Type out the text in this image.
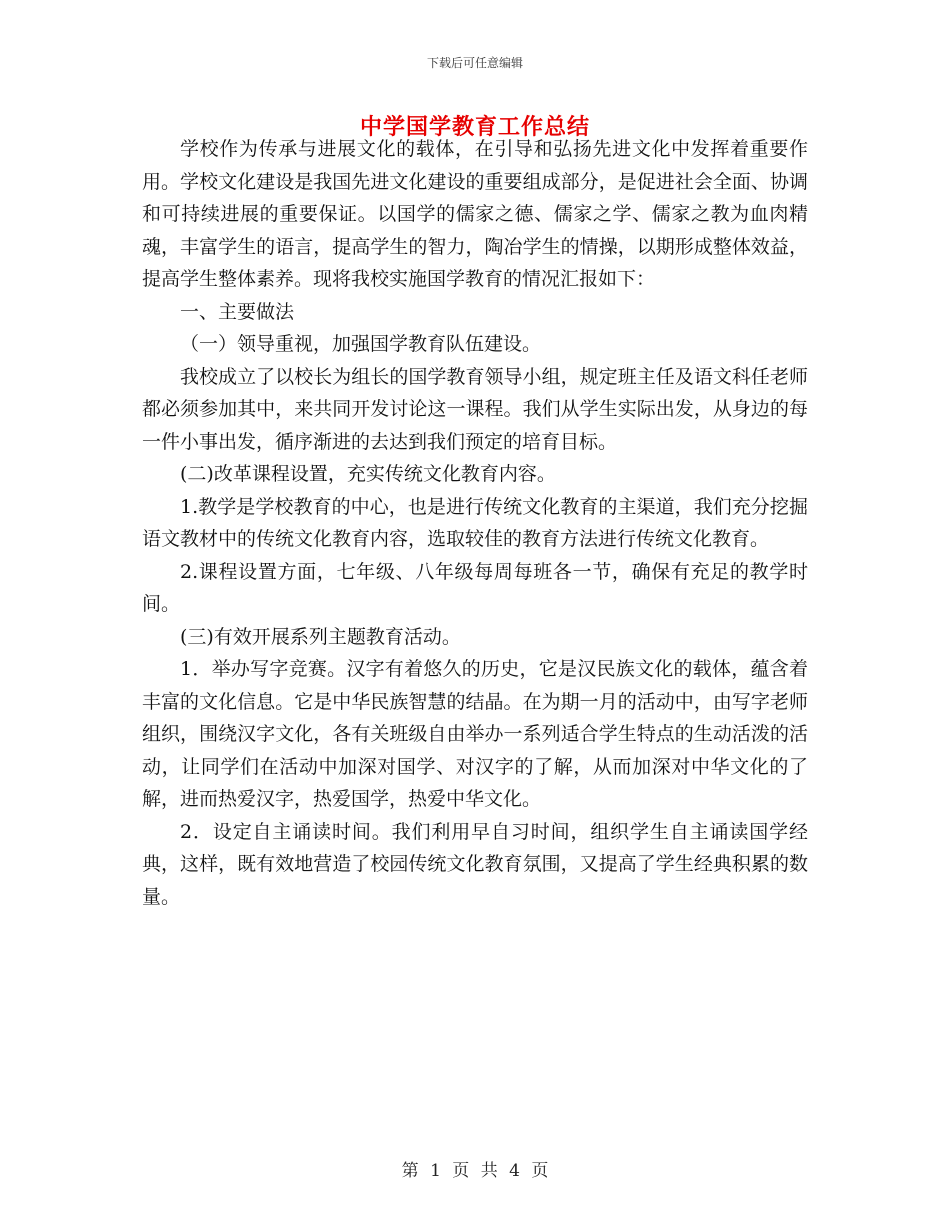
下载后可任意编辑
中学国学教育工作总结

学校作为传承与进展文化的载体，在引导和弘扬先进文化中发挥着重要作用。学校文化建设是我国先进文化建设的重要组成部分，是促进社会全面、协调和可持续进展的重要保证。以国学的儒家之德、儒家之学、儒家之教为血肉精魂，丰富学生的语言，提高学生的智力，陶冶学生的情操，以期形成整体效益，提高学生整体素养。现将我校实施国学教育的情况汇报如下：

一、主要做法

（一）领导重视，加强国学教育队伍建设。

我校成立了以校长为组长的国学教育领导小组，规定班主任及语文科任老师都必须参加其中，来共同开发讨论这一课程。我们从学生实际出发，从身边的每一件小事出发，循序渐进的去达到我们预定的培育目标。

(二)改革课程设置，充实传统文化教育内容。

1.教学是学校教育的中心，也是进行传统文化教育的主渠道，我们充分挖掘语文教材中的传统文化教育内容，选取较佳的教育方法进行传统文化教育。

2.课程设置方面，七年级、八年级每周每班各一节，确保有充足的教学时间。

(三)有效开展系列主题教育活动。

1．举办写字竞赛。汉字有着悠久的历史，它是汉民族文化的载体，蕴含着丰富的文化信息。它是中华民族智慧的结晶。在为期一月的活动中，由写字老师组织，围绕汉字文化，各有关班级自由举办一系列适合学生特点的生动活泼的活动，让同学们在活动中加深对国学、对汉字的了解，从而加深对中华文化的了解，进而热爱汉字，热爱国学，热爱中华文化。

2．设定自主诵读时间。我们利用早自习时间，组织学生自主诵读国学经典，这样，既有效地营造了校园传统文化教育氛围，又提高了学生经典积累的数量。

第 1 页 共 4 页
